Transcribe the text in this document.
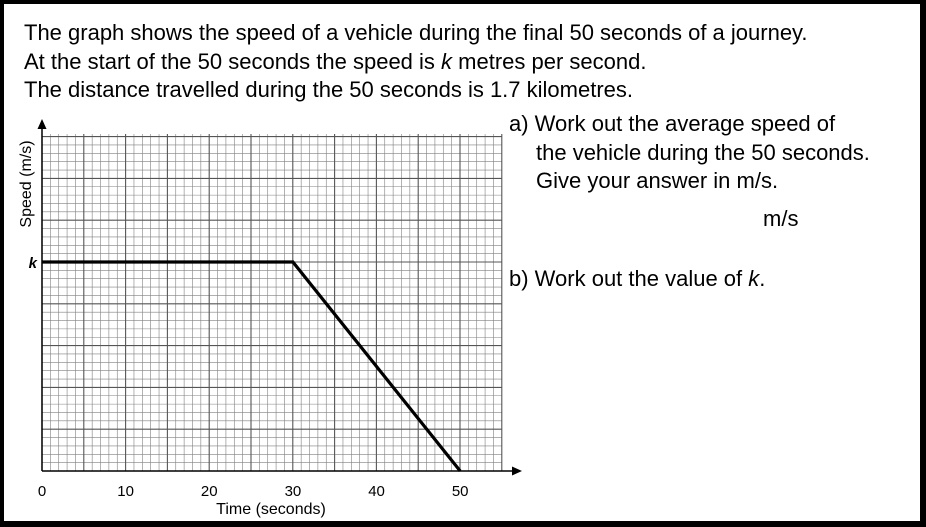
The graph shows the speed of a vehicle during the final 50 seconds of a journey.
At the start of the 50 seconds the speed is k metres per second.
The distance travelled during the 50 seconds is 1.7 kilometres.
a) Work out the average speed of
the vehicle during the 50 seconds.
Give your answer in m/s.
m/s
b) Work out the value of k.
0	10	20	30	40	50
Time (seconds)
Speed (m/s)
k
